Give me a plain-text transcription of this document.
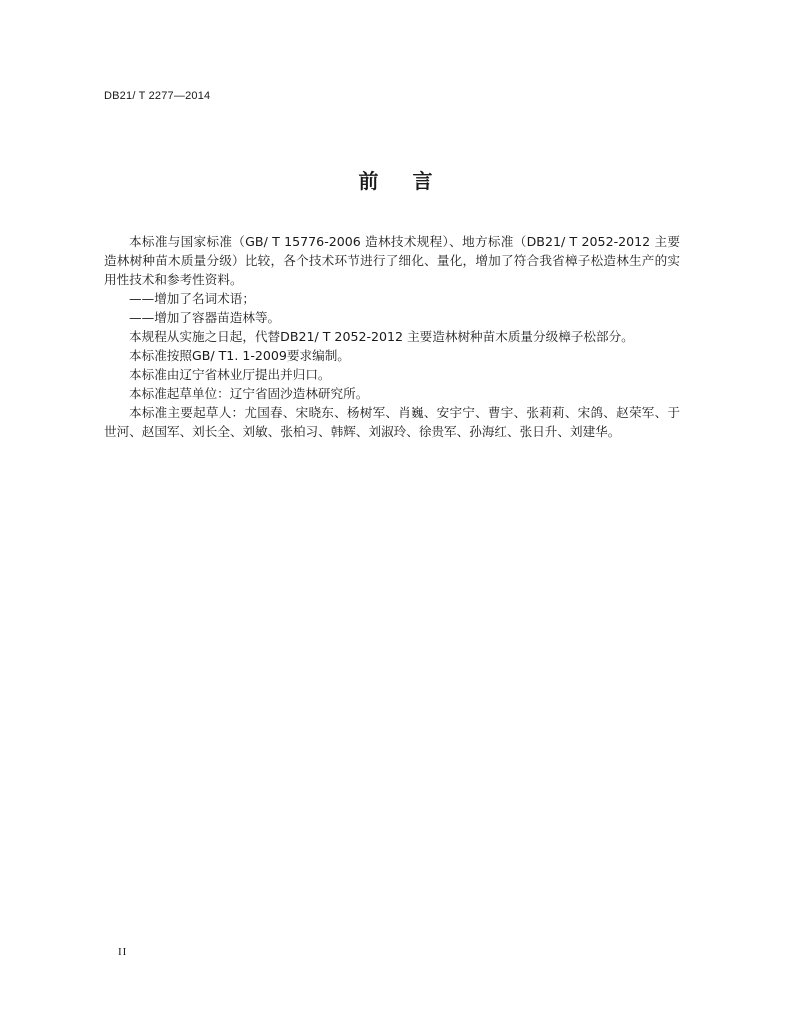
DB21/ T 2277—2014
前言

本标准与国家标准（GB/ T 15776-2006 造林技术规程）、地方标准（DB21/ T 2052-2012 主要造林树种苗木质量分级）比较，各个技术环节进行了细化、量化，增加了符合我省樟子松造林生产的实用性技术和参考性资料。

——增加了名词术语；

——增加了容器苗造林等。

本规程从实施之日起，代替DB21/ T 2052-2012 主要造林树种苗木质量分级樟子松部分。

本标准按照GB/ T1. 1-2009要求编制。

本标准由辽宁省林业厅提出并归口。

本标准起草单位：辽宁省固沙造林研究所。

本标准主要起草人：尤国春、宋晓东、杨树军、肖巍、安宇宁、曹宇、张莉莉、宋鸽、赵荣军、于世河、赵国军、刘长全、刘敏、张柏习、韩辉、刘淑玲、徐贵军、孙海红、张日升、刘建华。

II
